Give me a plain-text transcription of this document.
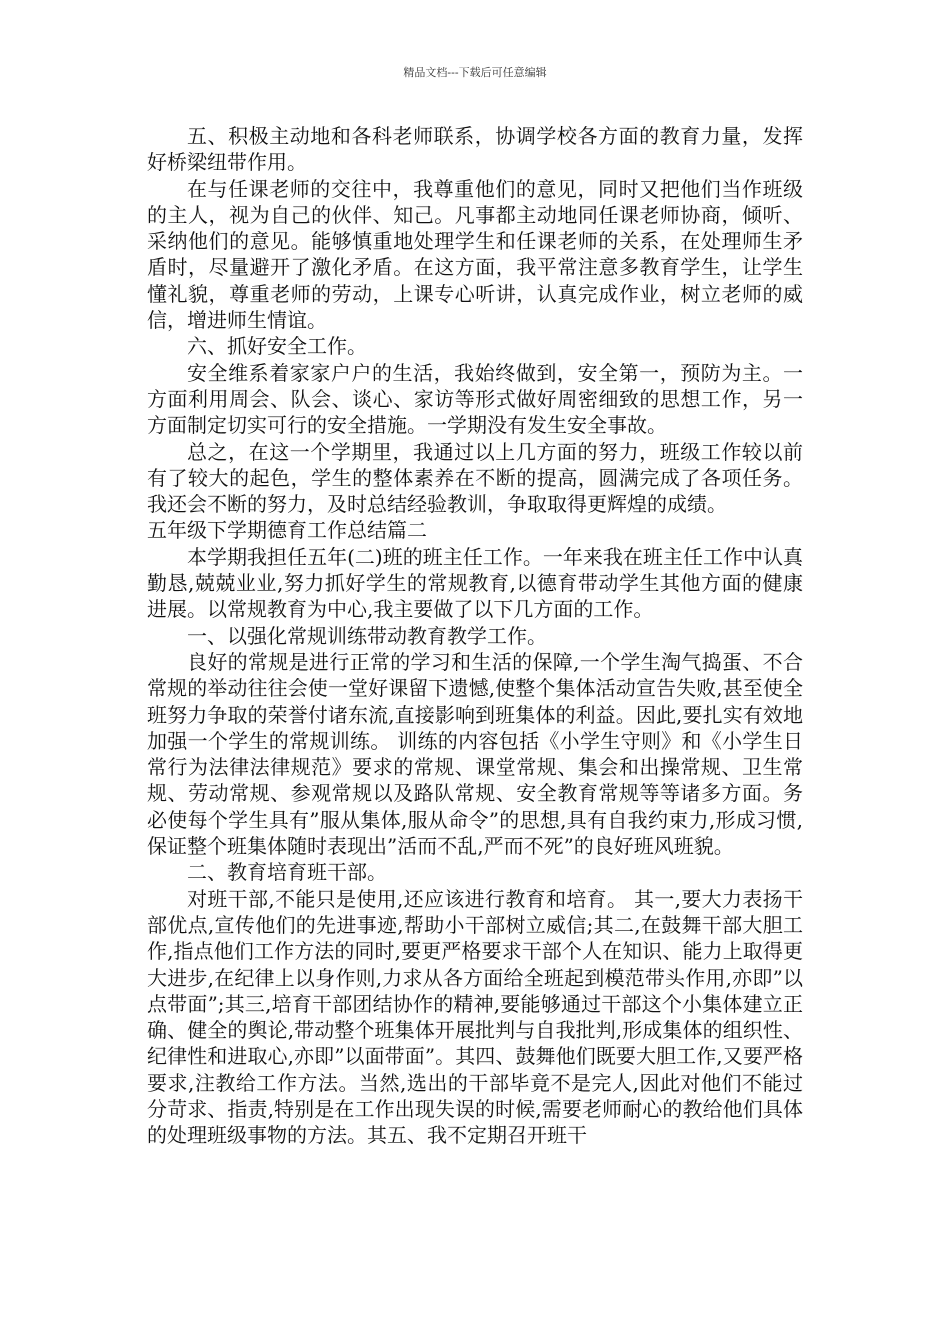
精品文档---下载后可任意编辑

五、积极主动地和各科老师联系，协调学校各方面的教育力量，发挥好桥梁纽带作用。

在与任课老师的交往中，我尊重他们的意见，同时又把他们当作班级的主人，视为自己的伙伴、知己。凡事都主动地同任课老师协商，倾听、采纳他们的意见。能够慎重地处理学生和任课老师的关系，在处理师生矛盾时，尽量避开了激化矛盾。在这方面，我平常注意多教育学生，让学生懂礼貌，尊重老师的劳动，上课专心听讲，认真完成作业，树立老师的威信，增进师生情谊。

六、抓好安全工作。

安全维系着家家户户的生活，我始终做到，安全第一，预防为主。一方面利用周会、队会、谈心、家访等形式做好周密细致的思想工作，另一方面制定切实可行的安全措施。一学期没有发生安全事故。

总之，在这一个学期里，我通过以上几方面的努力，班级工作较以前有了较大的起色，学生的整体素养在不断的提高，圆满完成了各项任务。我还会不断的努力，及时总结经验教训，争取取得更辉煌的成绩。

五年级下学期德育工作总结篇二

本学期我担任五年(二)班的班主任工作。一年来我在班主任工作中认真勤恳,兢兢业业,努力抓好学生的常规教育,以德育带动学生其他方面的健康进展。以常规教育为中心,我主要做了以下几方面的工作。

一、以强化常规训练带动教育教学工作。

良好的常规是进行正常的学习和生活的保障,一个学生淘气捣蛋、不合常规的举动往往会使一堂好课留下遗憾,使整个集体活动宣告失败,甚至使全班努力争取的荣誉付诸东流,直接影响到班集体的利益。因此,要扎实有效地加强一个学生的常规训练。 训练的内容包括《小学生守则》和《小学生日常行为法律法律规范》要求的常规、课堂常规、集会和出操常规、卫生常规、劳动常规、参观常规以及路队常规、安全教育常规等等诸多方面。务必使每个学生具有”服从集体,服从命令”的思想,具有自我约束力,形成习惯,保证整个班集体随时表现出”活而不乱,严而不死”的良好班风班貌。

二、教育培育班干部。

对班干部,不能只是使用,还应该进行教育和培育。 其一,要大力表扬干部优点,宣传他们的先进事迹,帮助小干部树立威信;其二,在鼓舞干部大胆工作,指点他们工作方法的同时,要更严格要求干部个人在知识、能力上取得更大进步,在纪律上以身作则,力求从各方面给全班起到模范带头作用,亦即”以点带面”;其三,培育干部团结协作的精神,要能够通过干部这个小集体建立正确、健全的舆论,带动整个班集体开展批判与自我批判,形成集体的组织性、纪律性和进取心,亦即”以面带面”。其四、鼓舞他们既要大胆工作,又要严格要求,注教给工作方法。当然,选出的干部毕竟不是完人,因此对他们不能过分苛求、指责,特别是在工作出现失误的时候,需要老师耐心的教给他们具体的处理班级事物的方法。其五、我不定期召开班干
